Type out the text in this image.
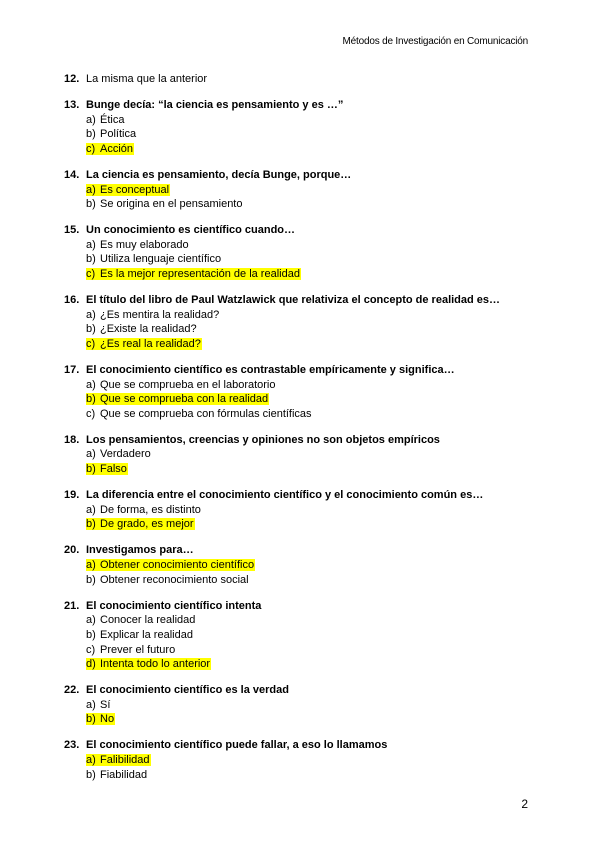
Métodos de Investigación en Comunicación
12. La misma que la anterior
13. Bunge decía: “la ciencia es pensamiento y es …”
a) Ética
b) Política
c) Acción
14. La ciencia es pensamiento, decía Bunge, porque…
a) Es conceptual
b) Se origina en el pensamiento
15. Un conocimiento es científico cuando…
a) Es muy elaborado
b) Utiliza lenguaje científico
c) Es la mejor representación de la realidad
16. El título del libro de Paul Watzlawick que relativiza el concepto de realidad es…
a) ¿Es mentira la realidad?
b) ¿Existe la realidad?
c) ¿Es real la realidad?
17. El conocimiento científico es contrastable empíricamente y significa…
a) Que se comprueba en el laboratorio
b) Que se comprueba con la realidad
c) Que se comprueba con fórmulas científicas
18. Los pensamientos, creencias y opiniones no son objetos empíricos
a) Verdadero
b) Falso
19. La diferencia entre el conocimiento científico y el conocimiento común es…
a) De forma, es distinto
b) De grado, es mejor
20. Investigamos para…
a) Obtener conocimiento científico
b) Obtener reconocimiento social
21. El conocimiento científico intenta
a) Conocer la realidad
b) Explicar la realidad
c) Prever el futuro
d) Intenta todo lo anterior
22. El conocimiento científico es la verdad
a) Sí
b) No
23. El conocimiento científico puede fallar, a eso lo llamamos
a) Falibilidad
b) Fiabilidad
2
